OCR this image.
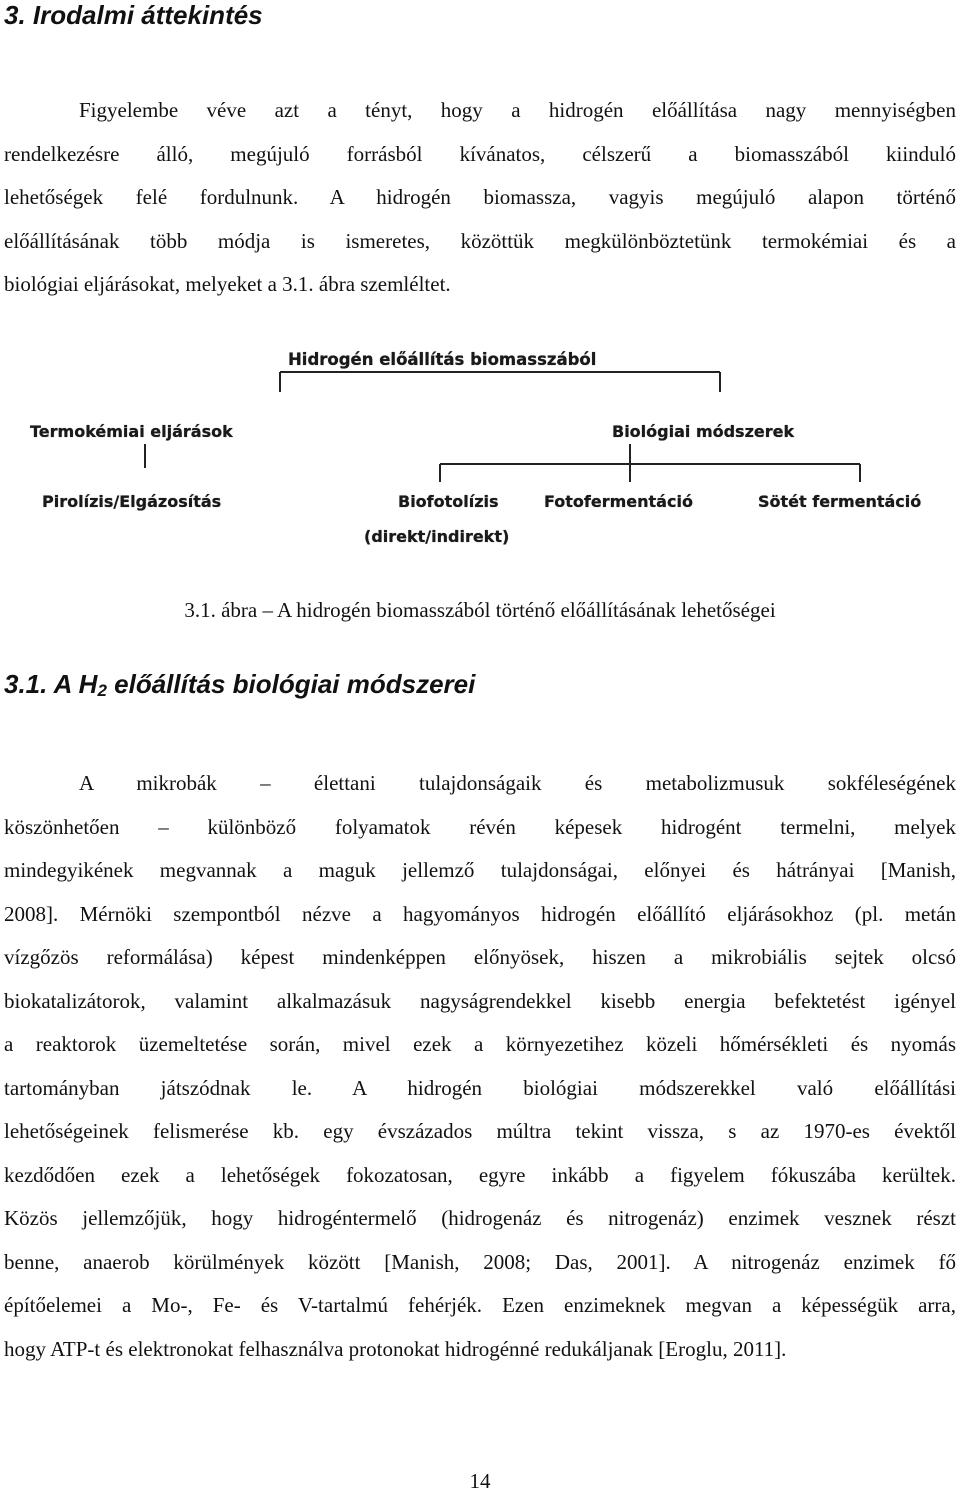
3. Irodalmi áttekintés
Figyelembe véve azt a tényt, hogy a hidrogén előállítása nagy mennyiségben
rendelkezésre álló, megújuló forrásból kívánatos, célszerű a biomasszából kiinduló
lehetőségek felé fordulnunk. A hidrogén biomassza, vagyis megújuló alapon történő
előállításának több módja is ismeretes, közöttük megkülönböztetünk termokémiai és a
biológiai eljárásokat, melyeket a 3.1. ábra szemléltet.
Hidrogén előállítás biomasszából
Termokémiai eljárások	Biológiai módszerek
Pirolízis/Elgázosítás	Biofotolízis
(direkt/indirekt)
Fotofermentáció	Sötét fermentáció
3.1. ábra – A hidrogén biomasszából történő előállításának lehetőségei
3.1. A $H_2$ előállítás biológiai módszerei
A mikrobák – élettani tulajdonságaik és metabolizmusuk sokféleségének
köszönhetően – különböző folyamatok révén képesek hidrogént termelni, melyek
mindegyikének megvannak a maguk jellemző tulajdonságai, előnyei és hátrányai [Manish,
2008]. Mérnöki szempontból nézve a hagyományos hidrogén előállító eljárásokhoz (pl. metán
vízgőzös reformálása) képest mindenképpen előnyösek, hiszen a mikrobiális sejtek olcsó
biokatalizátorok, valamint alkalmazásuk nagyságrendekkel kisebb energia befektetést igényel
a reaktorok üzemeltetése során, mivel ezek a környezetihez közeli hőmérsékleti és nyomás
tartományban játszódnak le. A hidrogén biológiai módszerekkel való előállítási
lehetőségeinek felismerése kb. egy évszázados múltra tekint vissza, s az 1970-es évektől
kezdődően ezek a lehetőségek fokozatosan, egyre inkább a figyelem fókuszába kerültek.
Közös jellemzőjük, hogy hidrogéntermelő (hidrogenáz és nitrogenáz) enzimek vesznek részt
benne, anaerob körülmények között [Manish, 2008; Das, 2001]. A nitrogenáz enzimek fő
építőelemei a Mo-, Fe- és V-tartalmú fehérjék. Ezen enzimeknek megvan a képességük arra,
hogy ATP-t és elektronokat felhasználva protonokat hidrogénné redukáljanak [Eroglu, 2011].
14
